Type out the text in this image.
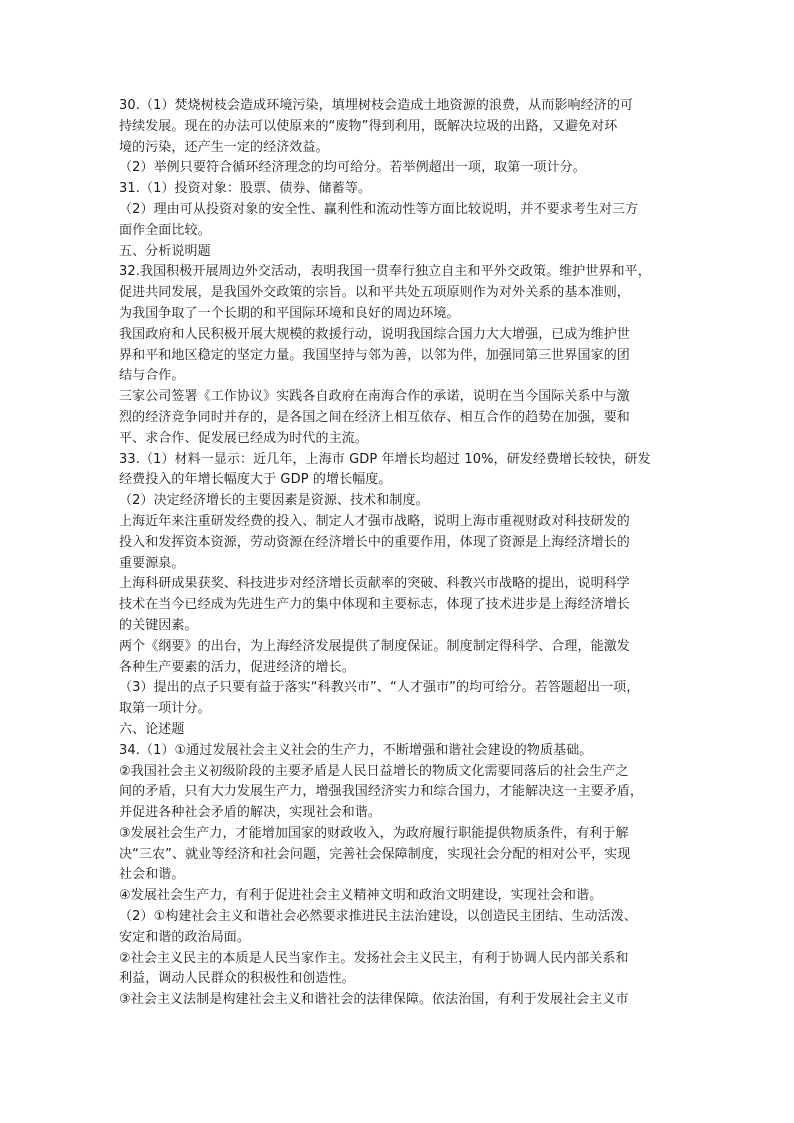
30.（1）焚烧树枝会造成环境污染，填埋树枝会造成土地资源的浪费，从而影响经济的可
持续发展。现在的办法可以使原来的“废物”得到利用，既解决垃圾的出路，又避免对环
境的污染，还产生一定的经济效益。
（2）举例只要符合循环经济理念的均可给分。若举例超出一项，取第一项计分。
31.（1）投资对象：股票、债券、储蓄等。
（2）理由可从投资对象的安全性、赢利性和流动性等方面比较说明，并不要求考生对三方
面作全面比较。
五、分析说明题
32.我国积极开展周边外交活动，表明我国一贯奉行独立自主和平外交政策。维护世界和平，
促进共同发展，是我国外交政策的宗旨。以和平共处五项原则作为对外关系的基本准则，
为我国争取了一个长期的和平国际环境和良好的周边环境。
我国政府和人民积极开展大规模的救援行动，说明我国综合国力大大增强，已成为维护世
界和平和地区稳定的坚定力量。我国坚持与邻为善，以邻为伴，加强同第三世界国家的团
结与合作。
三家公司签署《工作协议》实践各自政府在南海合作的承诺，说明在当今国际关系中与激
烈的经济竞争同时并存的，是各国之间在经济上相互依存、相互合作的趋势在加强，要和
平、求合作、促发展已经成为时代的主流。
33.（1）材料一显示：近几年，上海市 GDP 年增长均超过 10%，研发经费增长较快，研发
经费投入的年增长幅度大于 GDP 的增长幅度。
（2）决定经济增长的主要因素是资源、技术和制度。
上海近年来注重研发经费的投入、制定人才强市战略，说明上海市重视财政对科技研发的
投入和发挥资本资源，劳动资源在经济增长中的重要作用，体现了资源是上海经济增长的
重要源泉。
上海科研成果获奖、科技进步对经济增长贡献率的突破、科教兴市战略的提出，说明科学
技术在当今已经成为先进生产力的集中体现和主要标志，体现了技术进步是上海经济增长
的关键因素。
两个《纲要》的出台，为上海经济发展提供了制度保证。制度制定得科学、合理，能激发
各种生产要素的活力，促进经济的增长。
（3）提出的点子只要有益于落实“科教兴市”、“人才强市”的均可给分。若答题超出一项，
取第一项计分。
六、论述题
34.（1）①通过发展社会主义社会的生产力，不断增强和谐社会建设的物质基础。
②我国社会主义初级阶段的主要矛盾是人民日益增长的物质文化需要同落后的社会生产之
间的矛盾，只有大力发展生产力，增强我国经济实力和综合国力，才能解决这一主要矛盾，
并促进各种社会矛盾的解决，实现社会和谐。
③发展社会生产力，才能增加国家的财政收入，为政府履行职能提供物质条件，有利于解
决“三农”、就业等经济和社会问题，完善社会保障制度，实现社会分配的相对公平，实现
社会和谐。
④发展社会生产力，有利于促进社会主义精神文明和政治文明建设，实现社会和谐。
（2）①构建社会主义和谐社会必然要求推进民主法治建设，以创造民主团结、生动活泼、
安定和谐的政治局面。
②社会主义民主的本质是人民当家作主。发扬社会主义民主，有利于协调人民内部关系和
利益，调动人民群众的积极性和创造性。
③社会主义法制是构建社会主义和谐社会的法律保障。依法治国，有利于发展社会主义市
